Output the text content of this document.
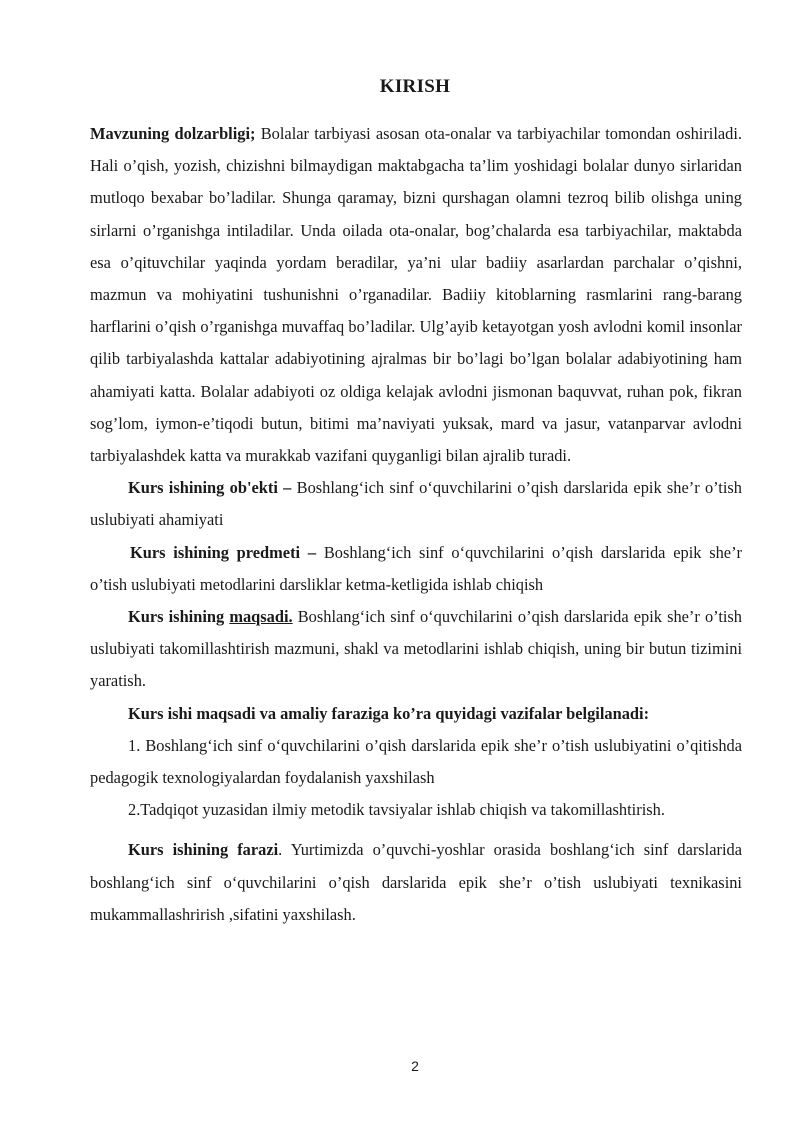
KIRISH

Mavzuning dolzarbligi; Bolalar tarbiyasi asosan ota-onalar va tarbiyachilar tomondan oshiriladi. Hali o’qish, yozish, chizishni bilmaydigan maktabgacha ta’lim yoshidagi bolalar dunyo sirlaridan mutloqo bexabar bo’ladilar. Shunga qaramay, bizni qurshagan olamni tezroq bilib olishga uning sirlarni o’rganishga intiladilar. Unda oilada ota-onalar, bog’chalarda esa tarbiyachilar, maktabda esa o’qituvchilar yaqinda yordam beradilar, ya’ni ular badiiy asarlardan parchalar o’qishni, mazmun va mohiyatini tushunishni o’rganadilar. Badiiy kitoblarning rasmlarini rang-barang harflarini o’qish o’rganishga muvaffaq bo’ladilar. Ulg’ayib ketayotgan yosh avlodni komil insonlar qilib tarbiyalashda kattalar adabiyotining ajralmas bir bo’lagi bo’lgan bolalar adabiyotining ham ahamiyati katta. Bolalar adabiyoti oz oldiga kelajak avlodni jismonan baquvvat, ruhan pok, fikran sog’lom, iymon-e’tiqodi butun, bitimi ma’naviyati yuksak, mard va jasur, vatanparvar avlodni tarbiyalashdek katta va murakkab vazifani quyganligi bilan ajralib turadi.

Kurs ishining ob'ekti – Boshlang‘ich sinf o‘quvchilarini o’qish darslarida epik she’r o’tish uslubiyati ahamiyati

Kurs ishining predmeti – Boshlang‘ich sinf o‘quvchilarini o’qish darslarida epik she’r o’tish uslubiyati metodlarini darsliklar ketma-ketligida ishlab chiqish

Kurs ishining maqsadi. Boshlang‘ich sinf o‘quvchilarini o’qish darslarida epik she’r o’tish uslubiyati takomillashtirish mazmuni, shakl va metodlarini ishlab chiqish, uning bir butun tizimini yaratish.

Kurs ishi maqsadi va amaliy faraziga ko’ra quyidagi vazifalar belgilanadi:

1. Boshlang‘ich sinf o‘quvchilarini o’qish darslarida epik she’r o’tish uslubiyatini o’qitishda pedagogik texnologiyalardan foydalanish yaxshilash

2.Tadqiqot yuzasidan ilmiy metodik tavsiyalar ishlab chiqish va takomillashtirish.

Kurs ishining farazi. Yurtimizda o’quvchi-yoshlar orasida boshlang‘ich sinf darslarida boshlang‘ich sinf o‘quvchilarini o’qish darslarida epik she’r o’tish uslubiyati texnikasini mukammallashrirish ,sifatini yaxshilash.

2
